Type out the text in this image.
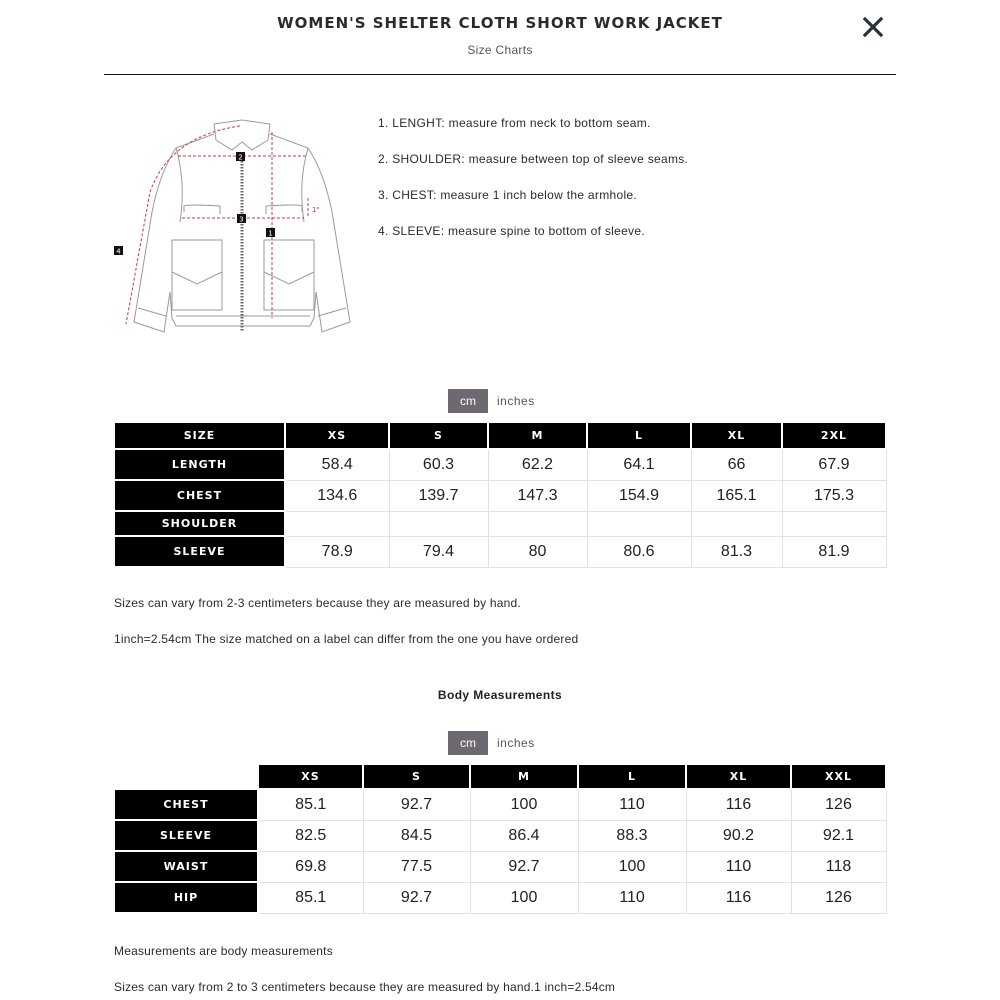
WOMEN'S SHELTER CLOTH SHORT WORK JACKET
Size Charts
1"
1
2
3
4
1. LENGHT: measure from neck to bottom seam.
2. SHOULDER: measure between top of sleeve seams.
3. CHEST: measure 1 inch below the armhole.
4. SLEEVE: measure spine to bottom of sleeve.
cm	inches
SIZE	XS	S	M	L	XL	2XL
LENGTH	58.4	60.3	62.2	64.1	66	67.9
CHEST	134.6	139.7	147.3	154.9	165.1	175.3
SHOULDER						
SLEEVE	78.9	79.4	80	80.6	81.3	81.9
Sizes can vary from 2-3 centimeters because they are measured by hand.
1inch=2.54cm The size matched on a label can differ from the one you have ordered
Body Measurements
cm	inches
	XS	S	M	L	XL	XXL
CHEST	85.1	92.7	100	110	116	126
SLEEVE	82.5	84.5	86.4	88.3	90.2	92.1
WAIST	69.8	77.5	92.7	100	110	118
HIP	85.1	92.7	100	110	116	126
Measurements are body measurements
Sizes can vary from 2 to 3 centimeters because they are measured by hand.1 inch=2.54cm
